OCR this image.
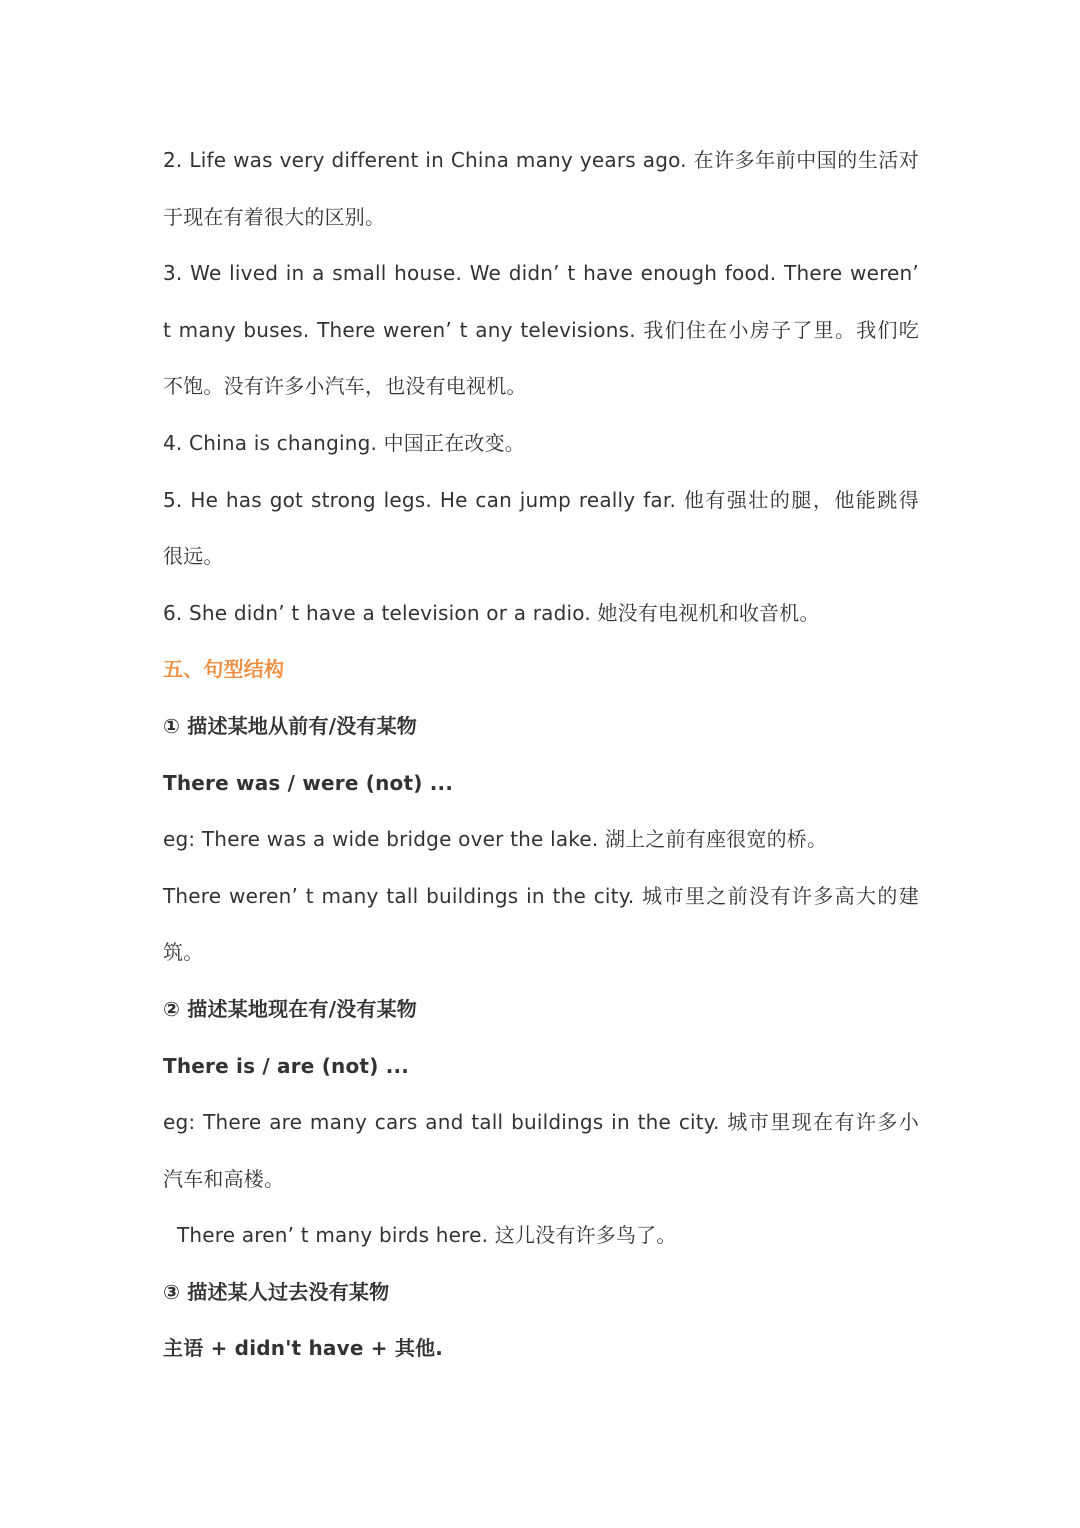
2. Life was very different in China many years ago. 在许多年前中国的生活对
于现在有着很大的区别。
3. We lived in a small house. We didn’ t have enough food. There weren’
t many buses. There weren’ t any televisions. 我们住在小房子了里。我们吃
不饱。没有许多小汽车，也没有电视机。
4. China is changing. 中国正在改变。
5. He has got strong legs. He can jump really far. 他有强壮的腿，他能跳得
很远。
6. She didn’ t have a television or a radio. 她没有电视机和收音机。
五、句型结构
① 描述某地从前有/没有某物
There was / were (not) ...
eg: There was a wide bridge over the lake. 湖上之前有座很宽的桥。
There weren’ t many tall buildings in the city. 城市里之前没有许多高大的建
筑。
② 描述某地现在有/没有某物
There is / are (not) ...
eg: There are many cars and tall buildings in the city. 城市里现在有许多小
汽车和高楼。
There aren’ t many birds here. 这儿没有许多鸟了。
③ 描述某人过去没有某物
主语 + didn't have + 其他.
